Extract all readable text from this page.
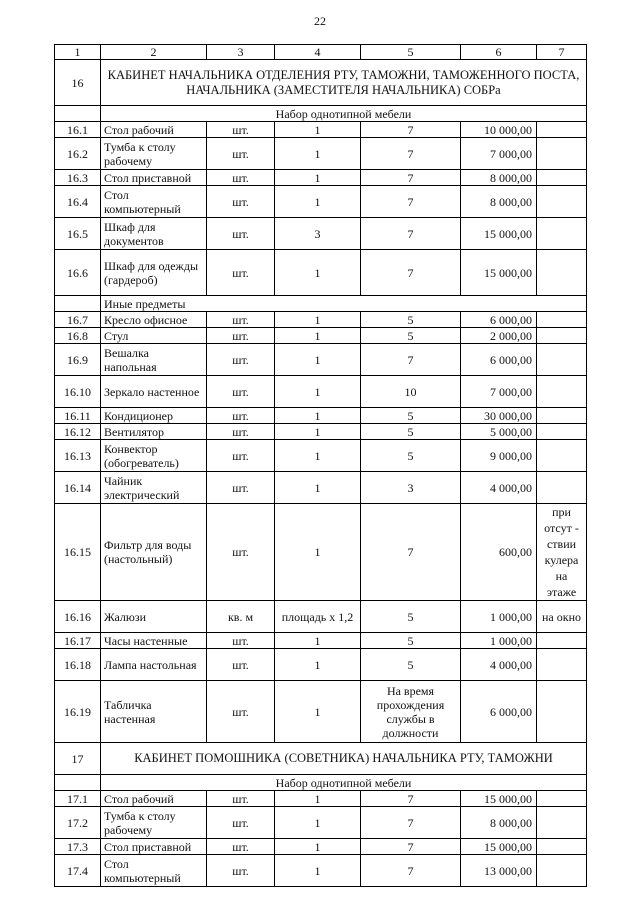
22
1	2	3	4	5	6	7
16	КАБИНЕТ НАЧАЛЬНИКА ОТДЕЛЕНИЯ РТУ, ТАМОЖНИ, ТАМОЖЕННОГО ПОСТА, НАЧАЛЬНИКА (ЗАМЕСТИТЕЛЯ НАЧАЛЬНИКА) СОБРа					
	Набор однотипной мебели					
16.1	Стол рабочий	шт.	1	7	10 000,00	
16.2	Тумба к столу рабочему	шт.	1	7	7 000,00	
16.3	Стол приставной	шт.	1	7	8 000,00	
16.4	Стол компьютерный	шт.	1	7	8 000,00	
16.5	Шкаф для документов	шт.	3	7	15 000,00	
16.6	Шкаф для одежды (гардероб)	шт.	1	7	15 000,00	
	Иные предметы					
16.7	Кресло офисное	шт.	1	5	6 000,00	
16.8	Стул	шт.	1	5	2 000,00	
16.9	Вешалка напольная	шт.	1	7	6 000,00	
16.10	Зеркало настенное	шт.	1	10	7 000,00	
16.11	Кондиционер	шт.	1	5	30 000,00	
16.12	Вентилятор	шт.	1	5	5 000,00	
16.13	Конвектор (обогреватель)	шт.	1	5	9 000,00	
16.14	Чайник электрический	шт.	1	3	4 000,00	
16.15	Фильтр для воды (настольный)	шт.	1	7	600,00	при отсут - ствии кулера на этаже
16.16	Жалюзи	кв. м	площадь х 1,2	5	1 000,00	на окно
16.17	Часы настенные	шт.	1	5	1 000,00	
16.18	Лампа настольная	шт.	1	5	4 000,00	
16.19	Табличка настенная	шт.	1	На время прохождения службы в должности	6 000,00	
17	КАБИНЕТ ПОМОШНИКА (СОВЕТНИКА) НАЧАЛЬНИКА РТУ, ТАМОЖНИ					
	Набор однотипной мебели					
17.1	Стол рабочий	шт.	1	7	15 000,00	
17.2	Тумба к столу рабочему	шт.	1	7	8 000,00	
17.3	Стол приставной	шт.	1	7	15 000,00	
17.4	Стол компьютерный	шт.	1	7	13 000,00	
